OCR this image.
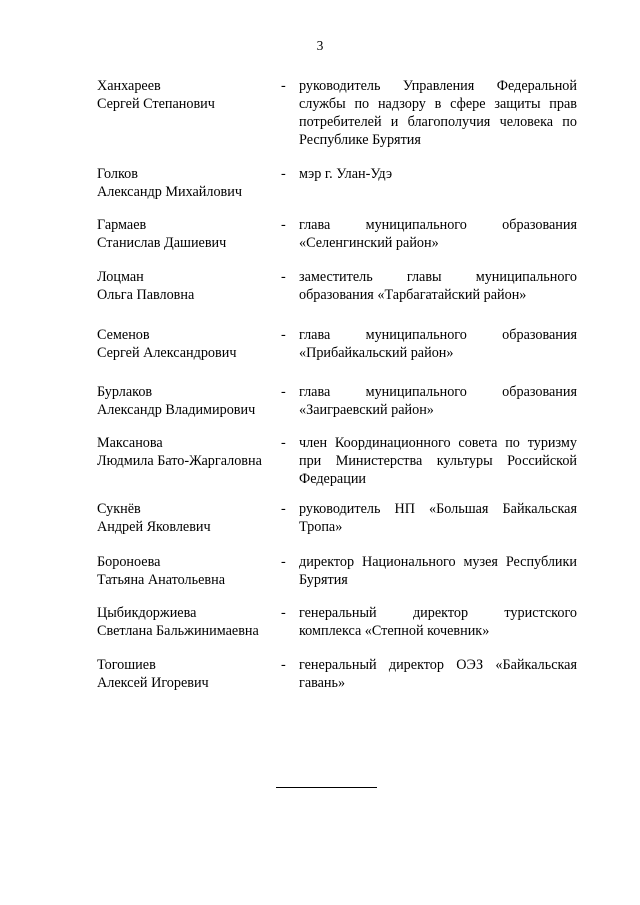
3
Ханхареев
Сергей Степанович
- руководитель Управления Федеральной службы по надзору в сфере защиты прав потребителей и благополучия человека по Республике Бурятия
Голков
Александр Михайлович
- мэр г. Улан-Удэ
Гармаев
Станислав Дашиевич
- глава муниципального образования «Селенгинский район»
Лоцман
Ольга Павловна
- заместитель главы муниципального образования «Тарбагатайский район»
Семенов
Сергей Александрович
- глава муниципального образования «Прибайкальский район»
Бурлаков
Александр Владимирович
- глава муниципального образования «Заиграевский район»
Максанова
Людмила Бато-Жаргаловна
- член Координационного совета по туризму при Министерства культуры Российской Федерации
Сукнёв
Андрей Яковлевич
- руководитель НП «Большая Байкальская Тропа»
Бороноева
Татьяна Анатольевна
- директор Национального музея Республики Бурятия
Цыбикдоржиева
Светлана Бальжинимаевна
- генеральный директор туристского комплекса «Степной кочевник»
Тогошиев
Алексей Игоревич
- генеральный директор ОЭЗ «Байкальская гавань»
